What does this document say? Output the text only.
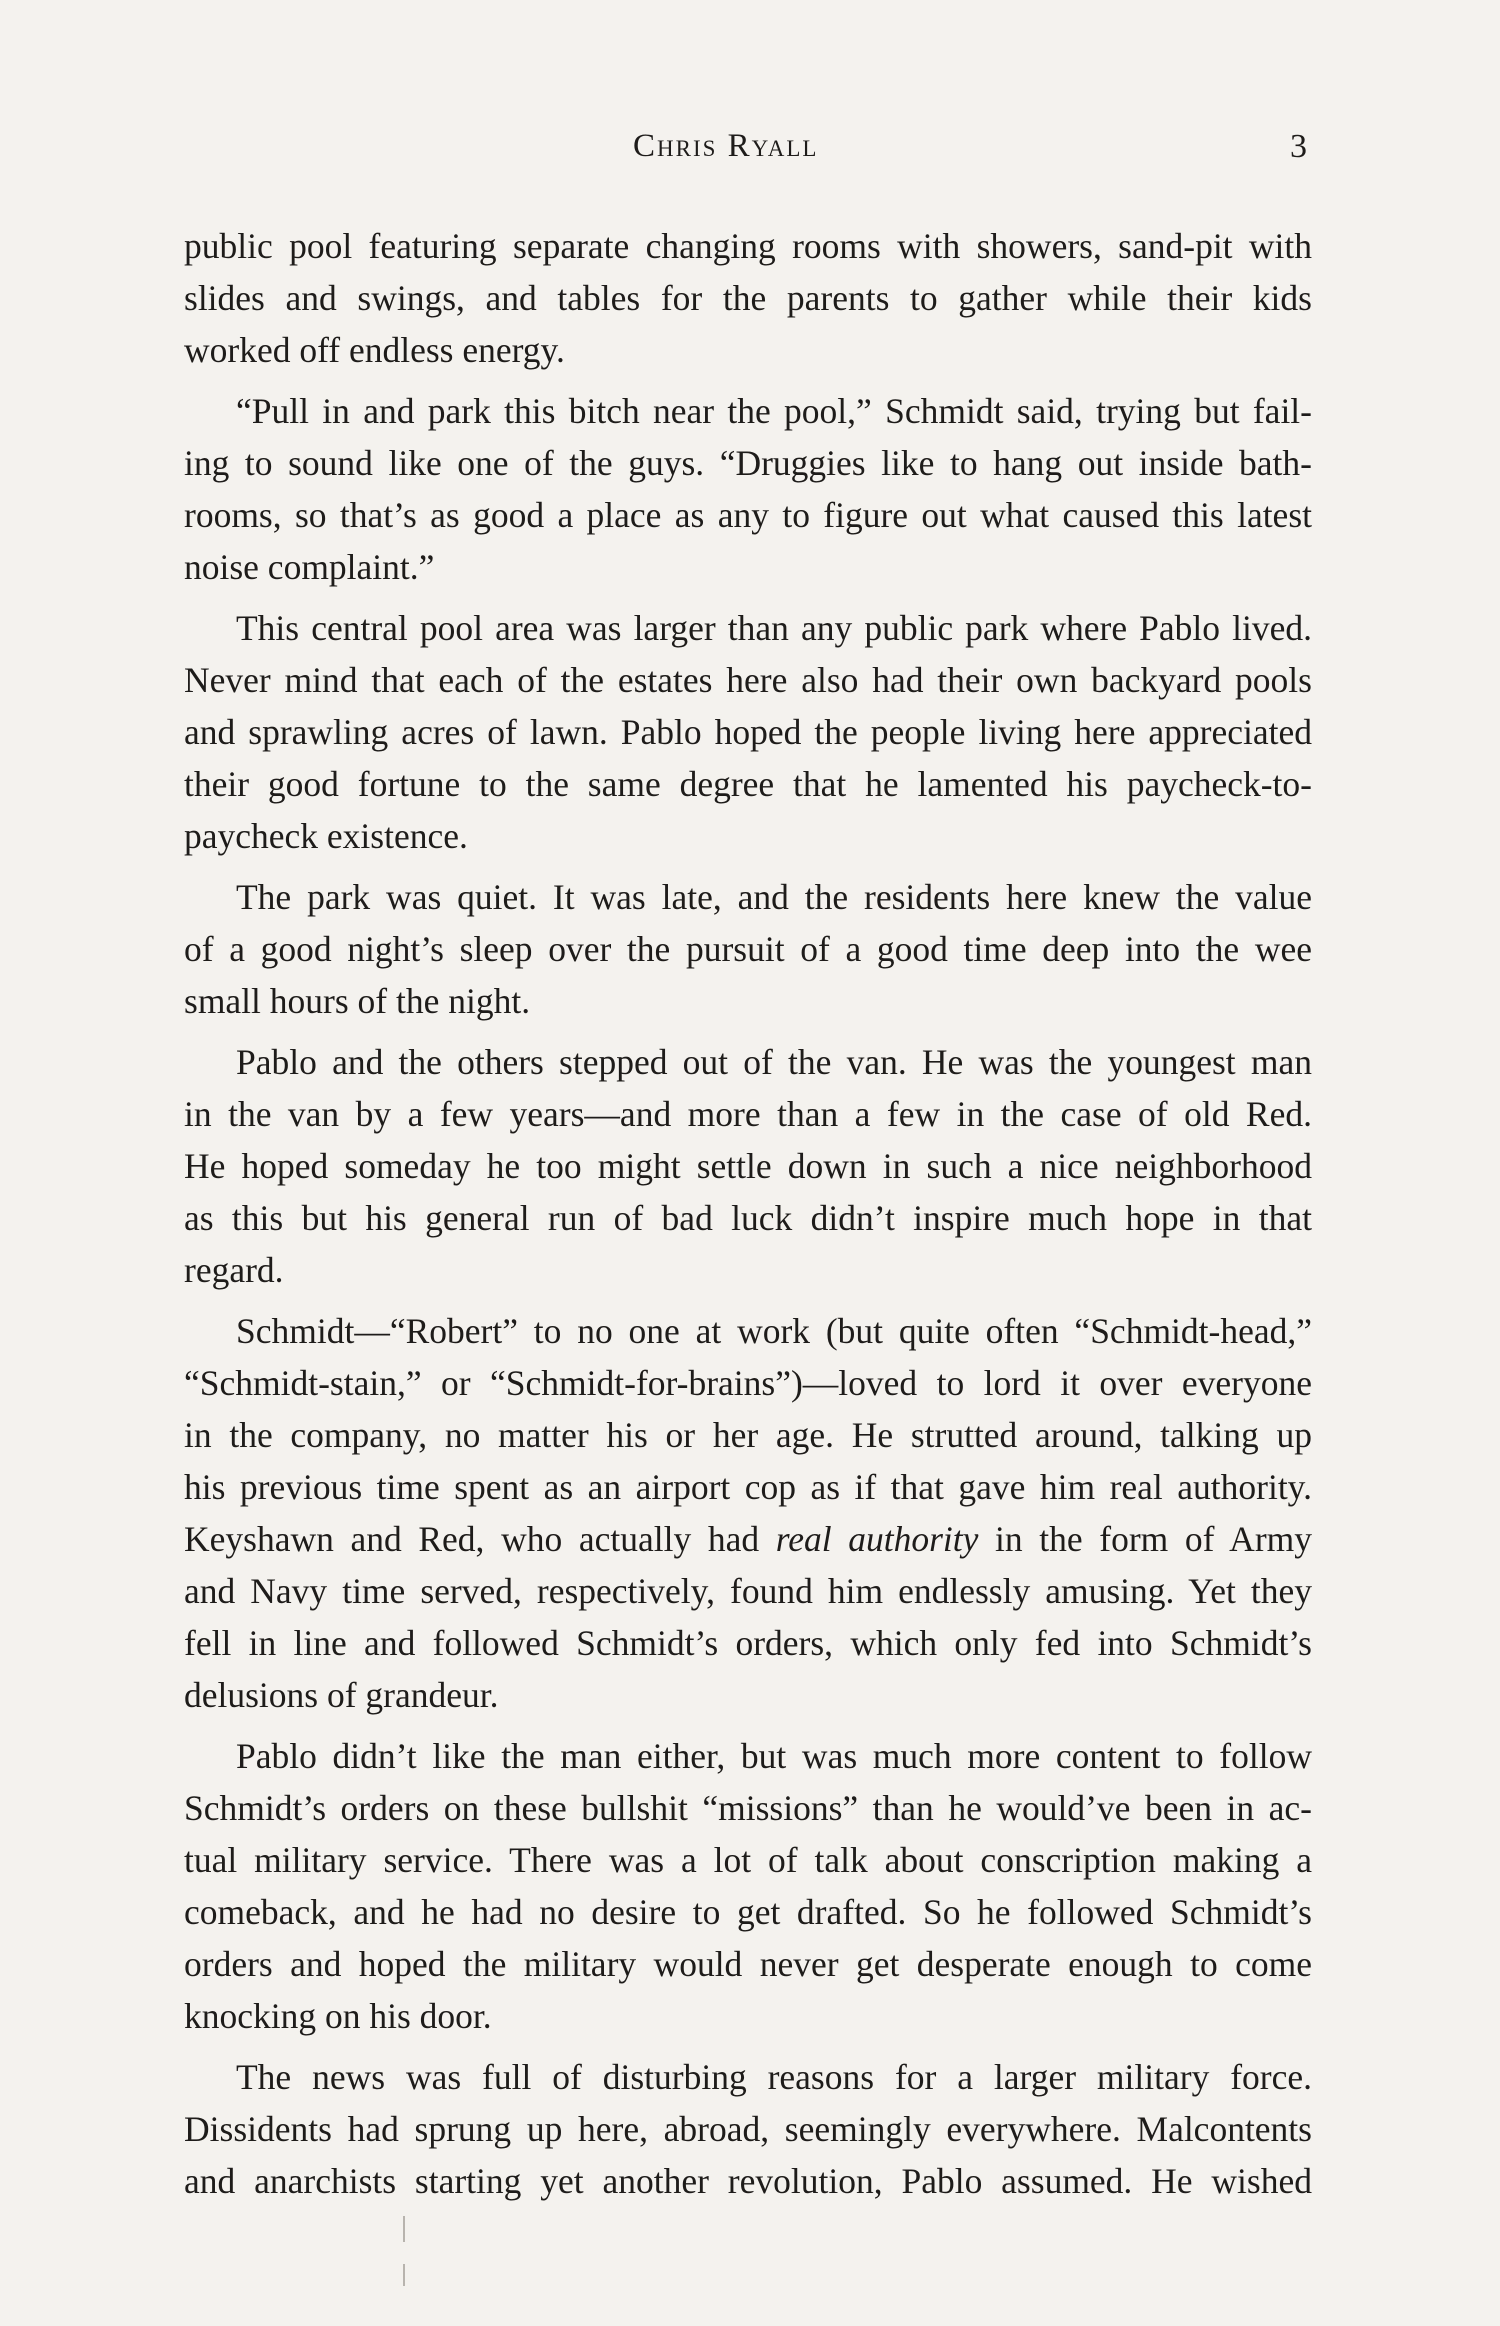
Chris Ryall	3
public pool featuring separate changing rooms with showers, sand-pit with
slides and swings, and tables for the parents to gather while their kids
worked off endless energy.
“Pull in and park this bitch near the pool,” Schmidt said, trying but fail-
ing to sound like one of the guys. “Druggies like to hang out inside bath-
rooms, so that’s as good a place as any to figure out what caused this latest
noise complaint.”
This central pool area was larger than any public park where Pablo lived.
Never mind that each of the estates here also had their own backyard pools
and sprawling acres of lawn. Pablo hoped the people living here appreciated
their good fortune to the same degree that he lamented his paycheck-to-
paycheck existence.
The park was quiet. It was late, and the residents here knew the value
of a good night’s sleep over the pursuit of a good time deep into the wee
small hours of the night.
Pablo and the others stepped out of the van. He was the youngest man
in the van by a few years—and more than a few in the case of old Red.
He hoped someday he too might settle down in such a nice neighborhood
as this but his general run of bad luck didn’t inspire much hope in that
regard.
Schmidt—“Robert” to no one at work (but quite often “Schmidt-head,”
“Schmidt-stain,” or “Schmidt-for-brains”)—loved to lord it over everyone
in the company, no matter his or her age. He strutted around, talking up
his previous time spent as an airport cop as if that gave him real authority.
Keyshawn and Red, who actually had real authority in the form of Army
and Navy time served, respectively, found him endlessly amusing. Yet they
fell in line and followed Schmidt’s orders, which only fed into Schmidt’s
delusions of grandeur.
Pablo didn’t like the man either, but was much more content to follow
Schmidt’s orders on these bullshit “missions” than he would’ve been in ac-
tual military service. There was a lot of talk about conscription making a
comeback, and he had no desire to get drafted. So he followed Schmidt’s
orders and hoped the military would never get desperate enough to come
knocking on his door.
The news was full of disturbing reasons for a larger military force.
Dissidents had sprung up here, abroad, seemingly everywhere. Malcontents
and anarchists starting yet another revolution, Pablo assumed. He wished
